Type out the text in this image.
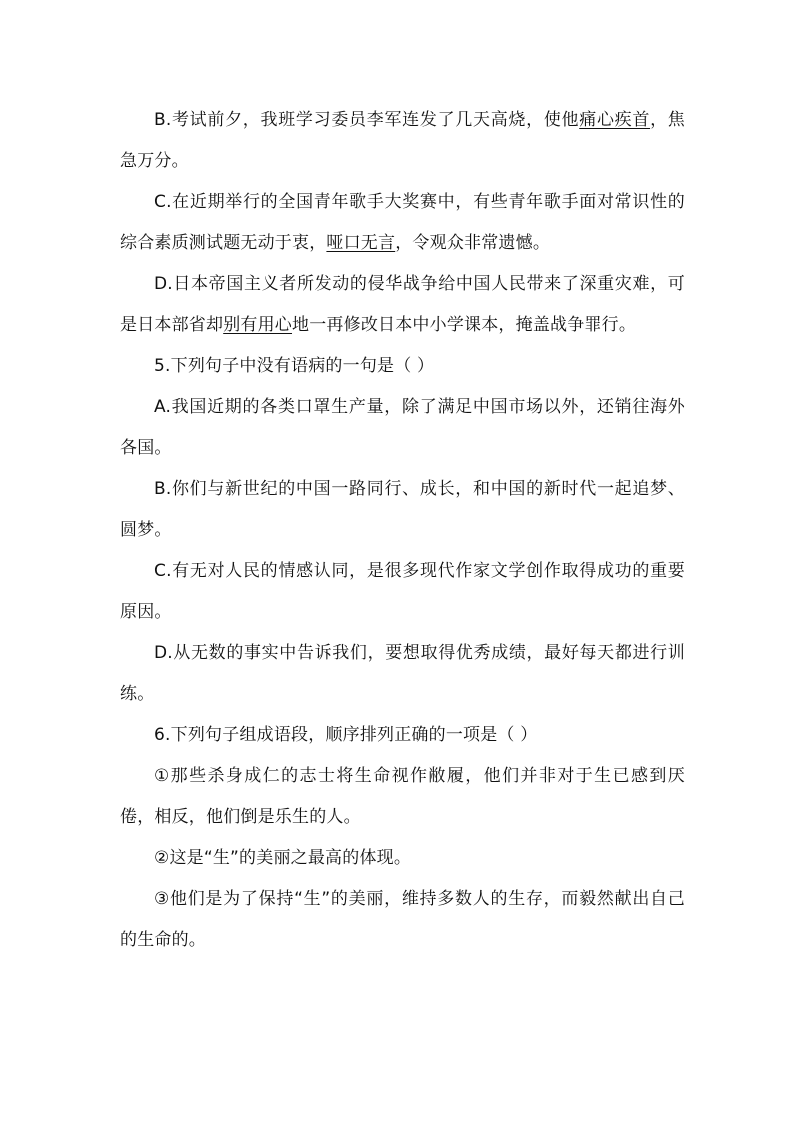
B.考试前夕，我班学习委员李军连发了几天高烧，使他痛心疾首，焦急万分。

C.在近期举行的全国青年歌手大奖赛中，有些青年歌手面对常识性的综合素质测试题无动于衷，哑口无言，令观众非常遗憾。

D.日本帝国主义者所发动的侵华战争给中国人民带来了深重灾难，可是日本部省却别有用心地一再修改日本中小学课本，掩盖战争罪行。

5.下列句子中没有语病的一句是（ ）

A.我国近期的各类口罩生产量，除了满足中国市场以外，还销往海外各国。

B.你们与新世纪的中国一路同行、成长，和中国的新时代一起追梦、圆梦。

C.有无对人民的情感认同，是很多现代作家文学创作取得成功的重要原因。

D.从无数的事实中告诉我们，要想取得优秀成绩，最好每天都进行训练。

6.下列句子组成语段，顺序排列正确的一项是（ ）

①那些杀身成仁的志士将生命视作敝履，他们并非对于生已感到厌倦，相反，他们倒是乐生的人。

②这是“生”的美丽之最高的体现。

③他们是为了保持“生”的美丽，维持多数人的生存，而毅然献出自己的生命的。
